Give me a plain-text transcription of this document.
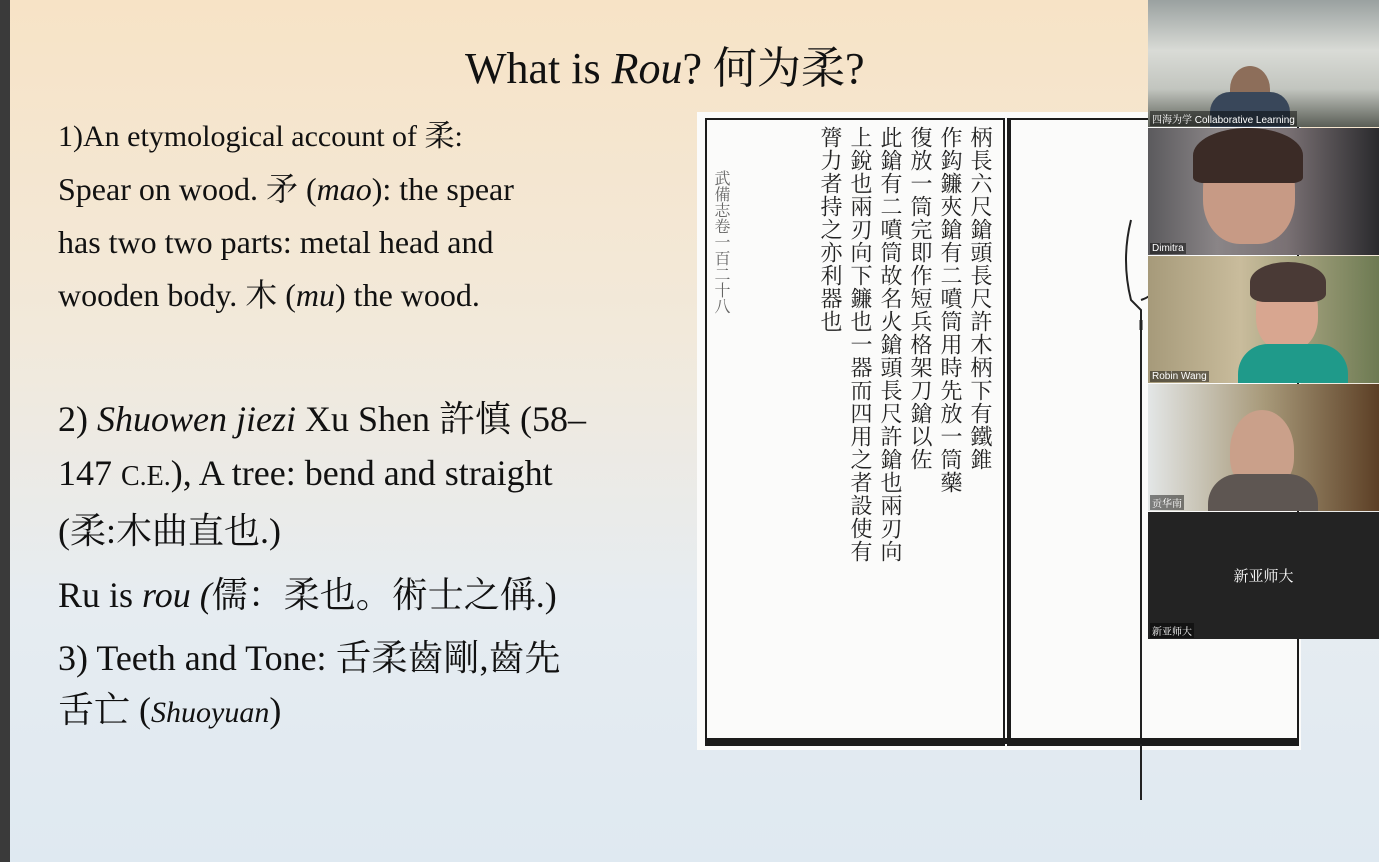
What is Rou? 何为柔?
1)An etymological account of 柔:
Spear on wood. 矛 (mao): the spear
has two two parts: metal head and
wooden body. 木 (mu) the wood.
2) Shuowen jiezi Xu Shen 許慎 (58–
147 C.E.), A tree: bend and straight
(柔:木曲直也.)
Ru is rou (儒：柔也。術士之偁.)
3) Teeth and Tone: 舌柔齒剛,齒先
舌亡 (Shuoyuan)
武備志卷一百二十八	柄長六尺鎗頭長尺許木柄下有鐵錐
作鈎鐮夾鎗有二噴筒用時先放一筒藥
復放一筒完即作短兵格架刀鎗以佐
此鎗有二噴筒故名火鎗頭長尺許鎗也兩刃向
上銳也兩刃向下鐮也一器而四用之者設使有
膂力者持之亦利器也
四海为学 Collaborative Learning
Dimitra
Robin Wang
贡华南
新亚师大
新亚师大
